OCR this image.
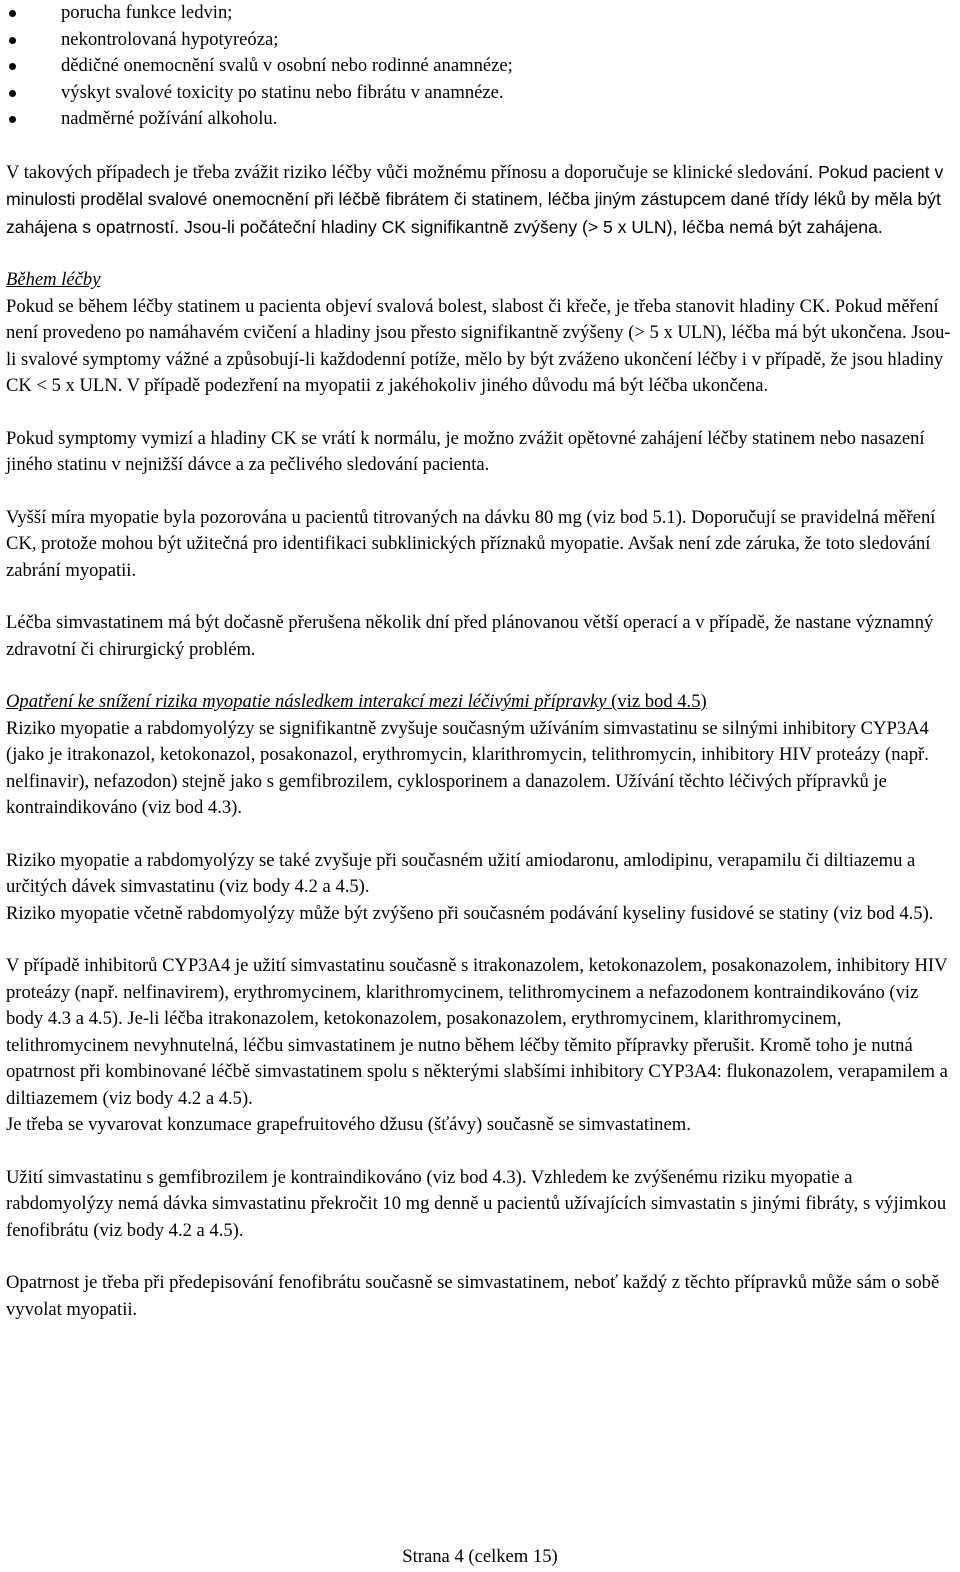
porucha funkce ledvin;
nekontrolovaná hypotyreóza;
dědičné onemocnění svalů v osobní nebo rodinné anamnéze;
výskyt svalové toxicity po statinu nebo fibrátu v anamnéze.
nadměrné požívání alkoholu.

V takových případech je třeba zvážit riziko léčby vůči možnému přínosu a doporučuje se klinické sledování. Pokud pacient v minulosti prodělal svalové onemocnění při léčbě fibrátem či statinem, léčba jiným zástupcem dané třídy léků by měla být zahájena s opatrností. Jsou-li počáteční hladiny CK signifikantně zvýšeny (> 5 x ULN), léčba nemá být zahájena.

Během léčby

Pokud se během léčby statinem u pacienta objeví svalová bolest, slabost či křeče, je třeba stanovit hladiny CK. Pokud měření není provedeno po namáhavém cvičení a hladiny jsou přesto signifikantně zvýšeny (> 5 x ULN), léčba má být ukončena. Jsou-li svalové symptomy vážné a způsobují-li každodenní potíže, mělo by být zváženo ukončení léčby i v případě, že jsou hladiny CK < 5 x ULN. V případě podezření na myopatii z jakéhokoliv jiného důvodu má být léčba ukončena.

Pokud symptomy vymizí a hladiny CK se vrátí k normálu, je možno zvážit opětovné zahájení léčby statinem nebo nasazení jiného statinu v nejnižší dávce a za pečlivého sledování pacienta.

Vyšší míra myopatie byla pozorována u pacientů titrovaných na dávku 80 mg (viz bod 5.1). Doporučují se pravidelná měření CK, protože mohou být užitečná pro identifikaci subklinických příznaků myopatie. Avšak není zde záruka, že toto sledování zabrání myopatii.

Léčba simvastatinem má být dočasně přerušena několik dní před plánovanou větší operací a v případě, že nastane významný zdravotní či chirurgický problém.

Opatření ke snížení rizika myopatie následkem interakcí mezi léčivými přípravky (viz bod 4.5)

Riziko myopatie a rabdomyolýzy se signifikantně zvyšuje současným užíváním simvastatinu se silnými inhibitory CYP3A4 (jako je itrakonazol, ketokonazol, posakonazol, erythromycin, klarithromycin, telithromycin, inhibitory HIV proteázy (např. nelfinavir), nefazodon) stejně jako s gemfibrozilem, cyklosporinem a danazolem. Užívání těchto léčivých přípravků je kontraindikováno (viz bod 4.3).

Riziko myopatie a rabdomyolýzy se také zvyšuje při současném užití amiodaronu, amlodipinu, verapamilu či diltiazemu a určitých dávek simvastatinu (viz body 4.2 a 4.5).

Riziko myopatie včetně rabdomyolýzy může být zvýšeno při současném podávání kyseliny fusidové se statiny (viz bod 4.5).

V případě inhibitorů CYP3A4 je užití simvastatinu současně s itrakonazolem, ketokonazolem, posakonazolem, inhibitory HIV proteázy (např. nelfinavirem), erythromycinem, klarithromycinem, telithromycinem a nefazodonem kontraindikováno (viz body 4.3 a 4.5). Je-li léčba itrakonazolem, ketokonazolem, posakonazolem, erythromycinem, klarithromycinem, telithromycinem nevyhnutelná, léčbu simvastatinem je nutno během léčby těmito přípravky přerušit. Kromě toho je nutná opatrnost při kombinované léčbě simvastatinem spolu s některými slabšími inhibitory CYP3A4: flukonazolem, verapamilem a diltiazemem (viz body 4.2 a 4.5).

Je třeba se vyvarovat konzumace grapefruitového džusu (šťávy) současně se simvastatinem.

Užití simvastatinu s gemfibrozilem je kontraindikováno (viz bod 4.3). Vzhledem ke zvýšenému riziku myopatie a rabdomyolýzy nemá dávka simvastatinu překročit 10 mg denně u pacientů užívajících simvastatin s jinými fibráty, s výjimkou fenofibrátu (viz body 4.2 a 4.5).

Opatrnost je třeba při předepisování fenofibrátu současně se simvastatinem, neboť každý z těchto přípravků může sám o sobě vyvolat myopatii.

Strana 4 (celkem 15)
